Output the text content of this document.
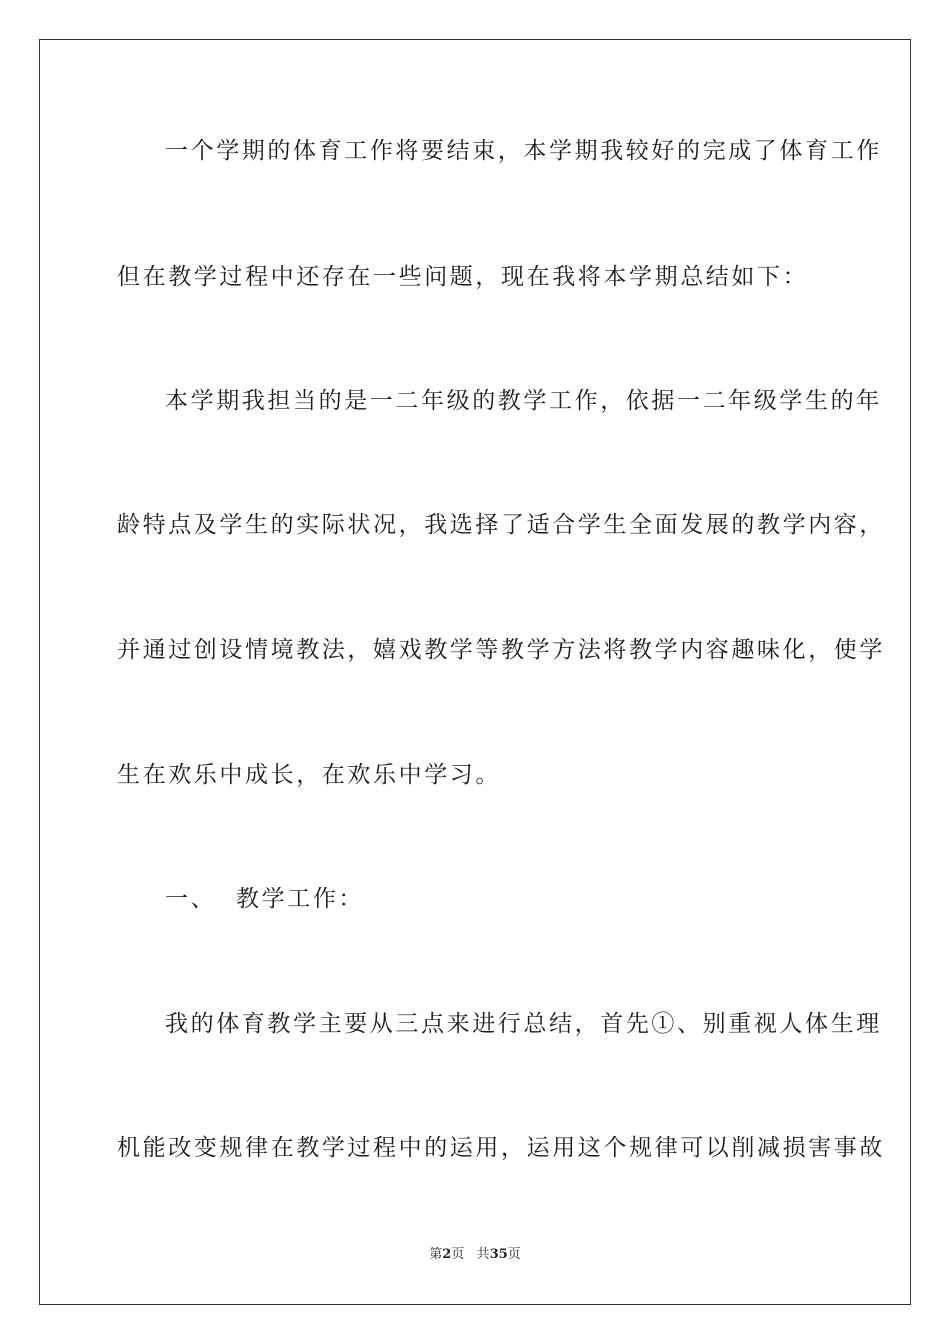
一个学期的体育工作将要结束，本学期我较好的完成了体育工作
但在教学过程中还存在一些问题，现在我将本学期总结如下：
本学期我担当的是一二年级的教学工作，依据一二年级学生的年
龄特点及学生的实际状况，我选择了适合学生全面发展的教学内容，
并通过创设情境教法，嬉戏教学等教学方法将教学内容趣味化，使学
生在欢乐中成长，在欢乐中学习。
一、  教学工作：
我的体育教学主要从三点来进行总结，首先①、别重视人体生理
机能改变规律在教学过程中的运用，运用这个规律可以削减损害事故
第2页 共35页
